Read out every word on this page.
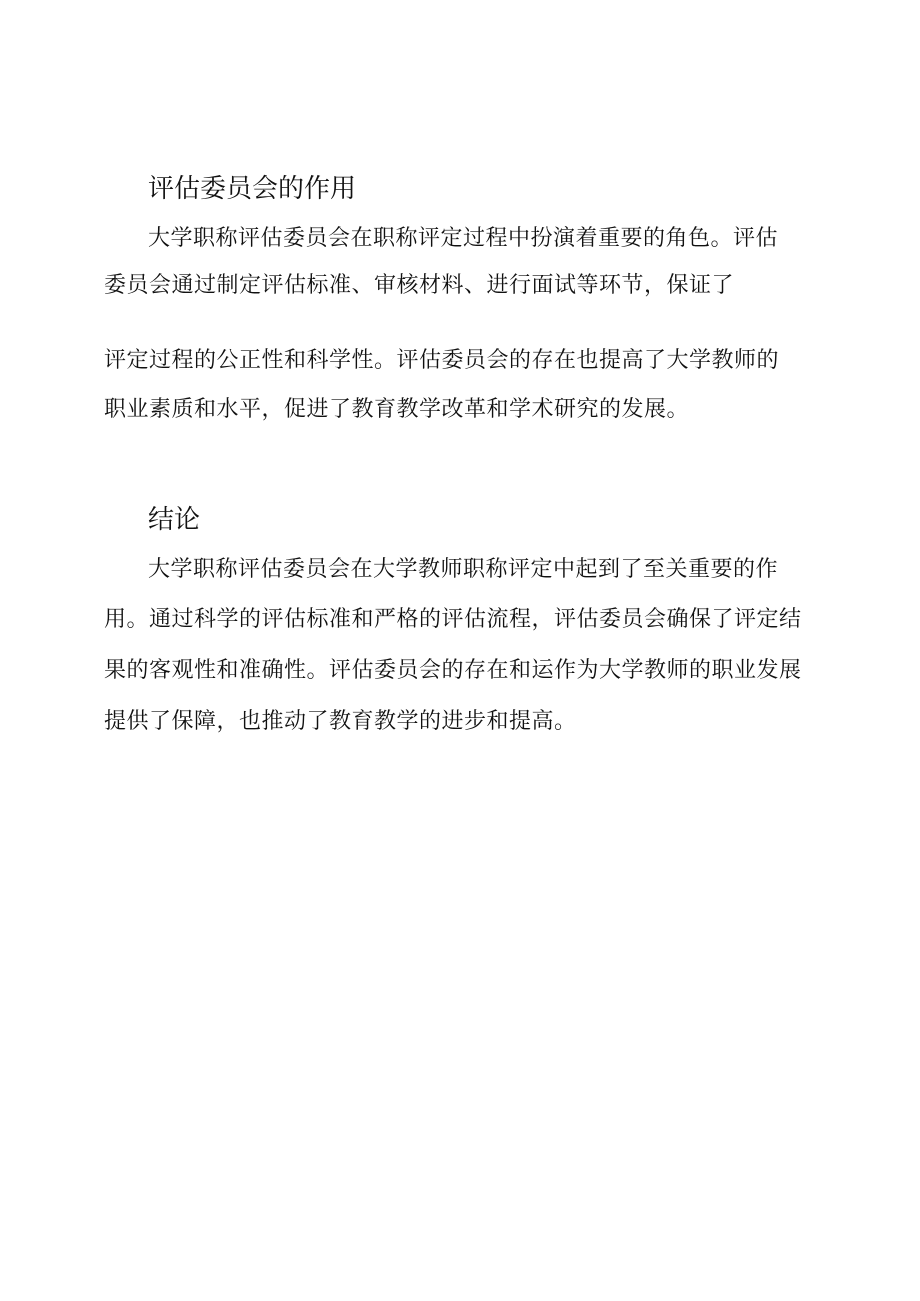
评估委员会的作用

大学职称评估委员会在职称评定过程中扮演着重要的角色。评估

委员会通过制定评估标准、审核材料、进行面试等环节，保证了

评定过程的公正性和科学性。评估委员会的存在也提高了大学教师的

职业素质和水平，促进了教育教学改革和学术研究的发展。

结论

大学职称评估委员会在大学教师职称评定中起到了至关重要的作

用。通过科学的评估标准和严格的评估流程，评估委员会确保了评定结

果的客观性和准确性。评估委员会的存在和运作为大学教师的职业发展

提供了保障，也推动了教育教学的进步和提高。
